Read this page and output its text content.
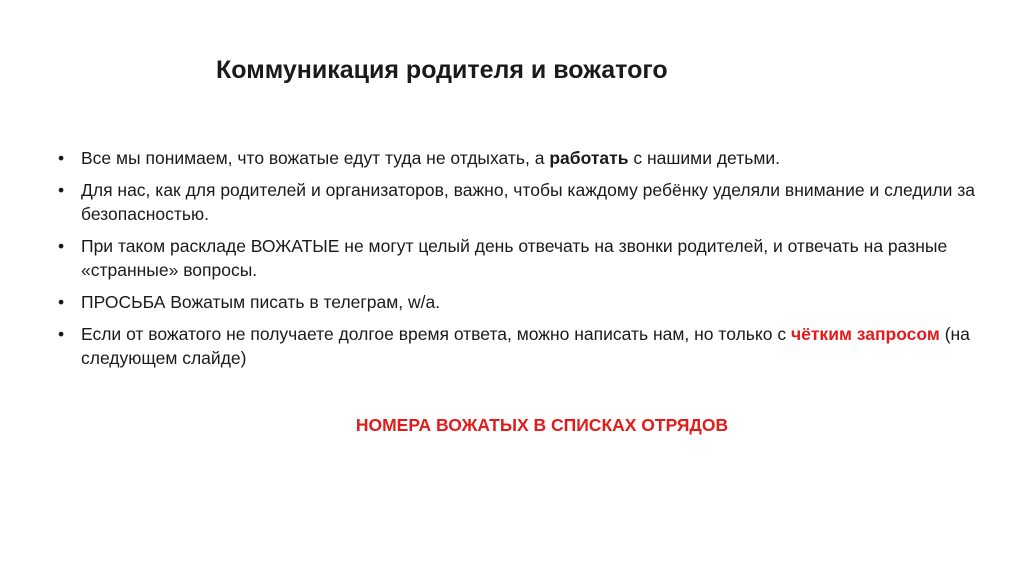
Коммуникация родителя и вожатого
• Все мы понимаем, что вожатые едут туда не отдыхать, а работать с нашими детьми.
• Для нас, как для родителей и организаторов, важно, чтобы каждому ребёнку уделяли внимание и следили за безопасностью.
• При таком раскладе ВОЖАТЫЕ не могут целый день отвечать на звонки родителей, и отвечать на разные «странные» вопросы.
• ПРОСЬБА Вожатым писать в телеграм, w/a.
• Если от вожатого не получаете долгое время ответа, можно написать нам, но только с чётким запросом (на следующем слайде)

НОМЕРА ВОЖАТЫХ В СПИСКАХ ОТРЯДОВ
